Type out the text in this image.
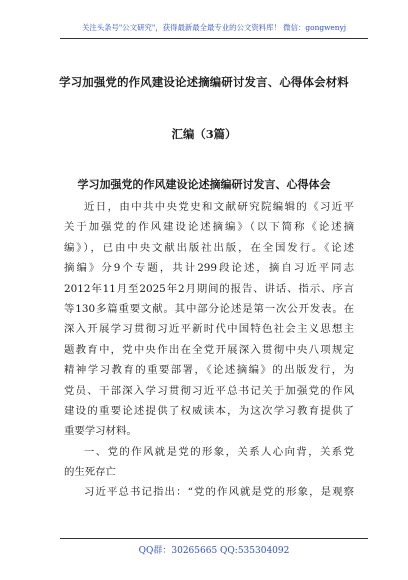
关注头条号"公文研究"，获得最新最全最专业的公文资料库！ 微信：gongwenyj
学习加强党的作风建设论述摘编研讨发言、心得体会材料
汇编（3篇）
学习加强党的作风建设论述摘编研讨发言、心得体会
近日，由中共中央党史和文献研究院编辑的《习近平
关于加强党的作风建设论述摘编》（以下简称《论述摘
编》），已由中央文献出版社出版，在全国发行。《论述
摘编》分9个专题，共计299段论述，摘自习近平同志
2012年11月至2025年2月期间的报告、讲话、指示、序言
等130多篇重要文献。其中部分论述是第一次公开发表。在
深入开展学习贯彻习近平新时代中国特色社会主义思想主
题教育中，党中央作出在全党开展深入贯彻中央八项规定
精神学习教育的重要部署，《论述摘编》的出版发行，为
党员、干部深入学习贯彻习近平总书记关于加强党的作风
建设的重要论述提供了权威读本，为这次学习教育提供了
重要学习材料。
一、党的作风就是党的形象，关系人心向背，关系党
的生死存亡
习近平总书记指出：“党的作风就是党的形象，是观察
QQ群：30265665 QQ:535304092
